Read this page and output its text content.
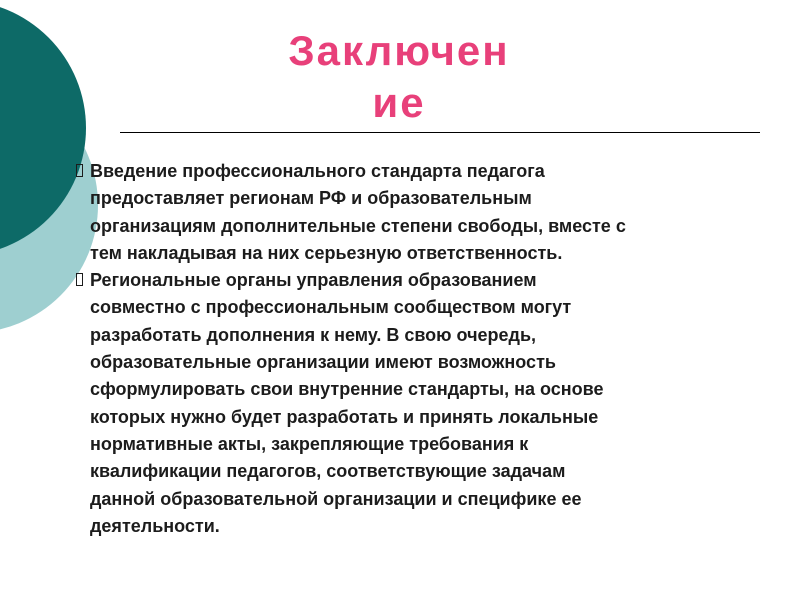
Заключен
ие

Введение профессионального стандарта педагога
предоставляет регионам РФ и образовательным
организациям дополнительные степени свободы, вместе с
тем накладывая на них серьезную ответственность.

Региональные органы управления образованием
совместно с профессиональным сообществом могут
разработать дополнения к нему. В свою очередь,
образовательные организации имеют возможность
сформулировать свои внутренние стандарты, на основе
которых нужно будет разработать и принять локальные
нормативные акты, закрепляющие требования к
квалификации педагогов, соответствующие задачам
данной образовательной организации и специфике ее
деятельности.
